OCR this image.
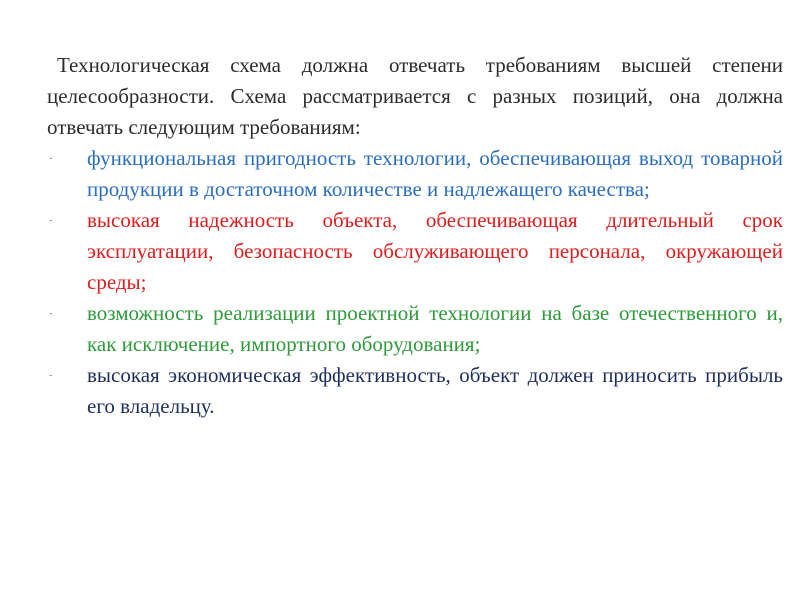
Технологическая схема должна отвечать требованиям высшей степени целесообразности. Схема рассматривается с разных позиций, она должна отвечать следующим требованиям:

- функциональная пригодность технологии, обеспечивающая выход товарной продукции в достаточном количестве и надлежащего качества;
- высокая надежность объекта, обеспечивающая длительный срок эксплуатации, безопасность обслуживающего персонала, окружающей среды;
- возможность реализации проектной технологии на базе отечественного и, как исключение, импортного оборудования;
- высокая экономическая эффективность, объект должен приносить прибыль его владельцу.
